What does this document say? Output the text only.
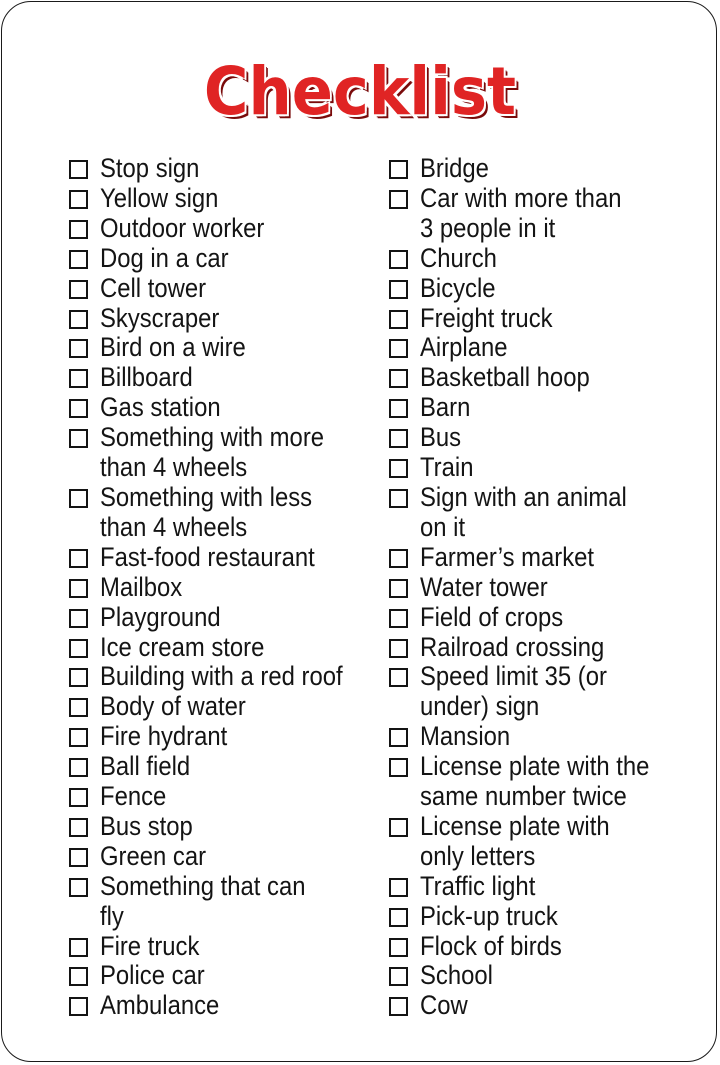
Checklist
Stop sign
Yellow sign
Outdoor worker
Dog in a car
Cell tower
Skyscraper
Bird on a wire
Billboard
Gas station
Something with more
than 4 wheels
Something with less
than 4 wheels
Fast-food restaurant
Mailbox
Playground
Ice cream store
Building with a red roof
Body of water
Fire hydrant
Ball field
Fence
Bus stop
Green car
Something that can
fly
Fire truck
Police car
Ambulance
Bridge
Car with more than
3 people in it
Church
Bicycle
Freight truck
Airplane
Basketball hoop
Barn
Bus
Train
Sign with an animal
on it
Farmer’s market
Water tower
Field of crops
Railroad crossing
Speed limit 35 (or
under) sign
Mansion
License plate with the
same number twice
License plate with
only letters
Traffic light
Pick-up truck
Flock of birds
School
Cow
